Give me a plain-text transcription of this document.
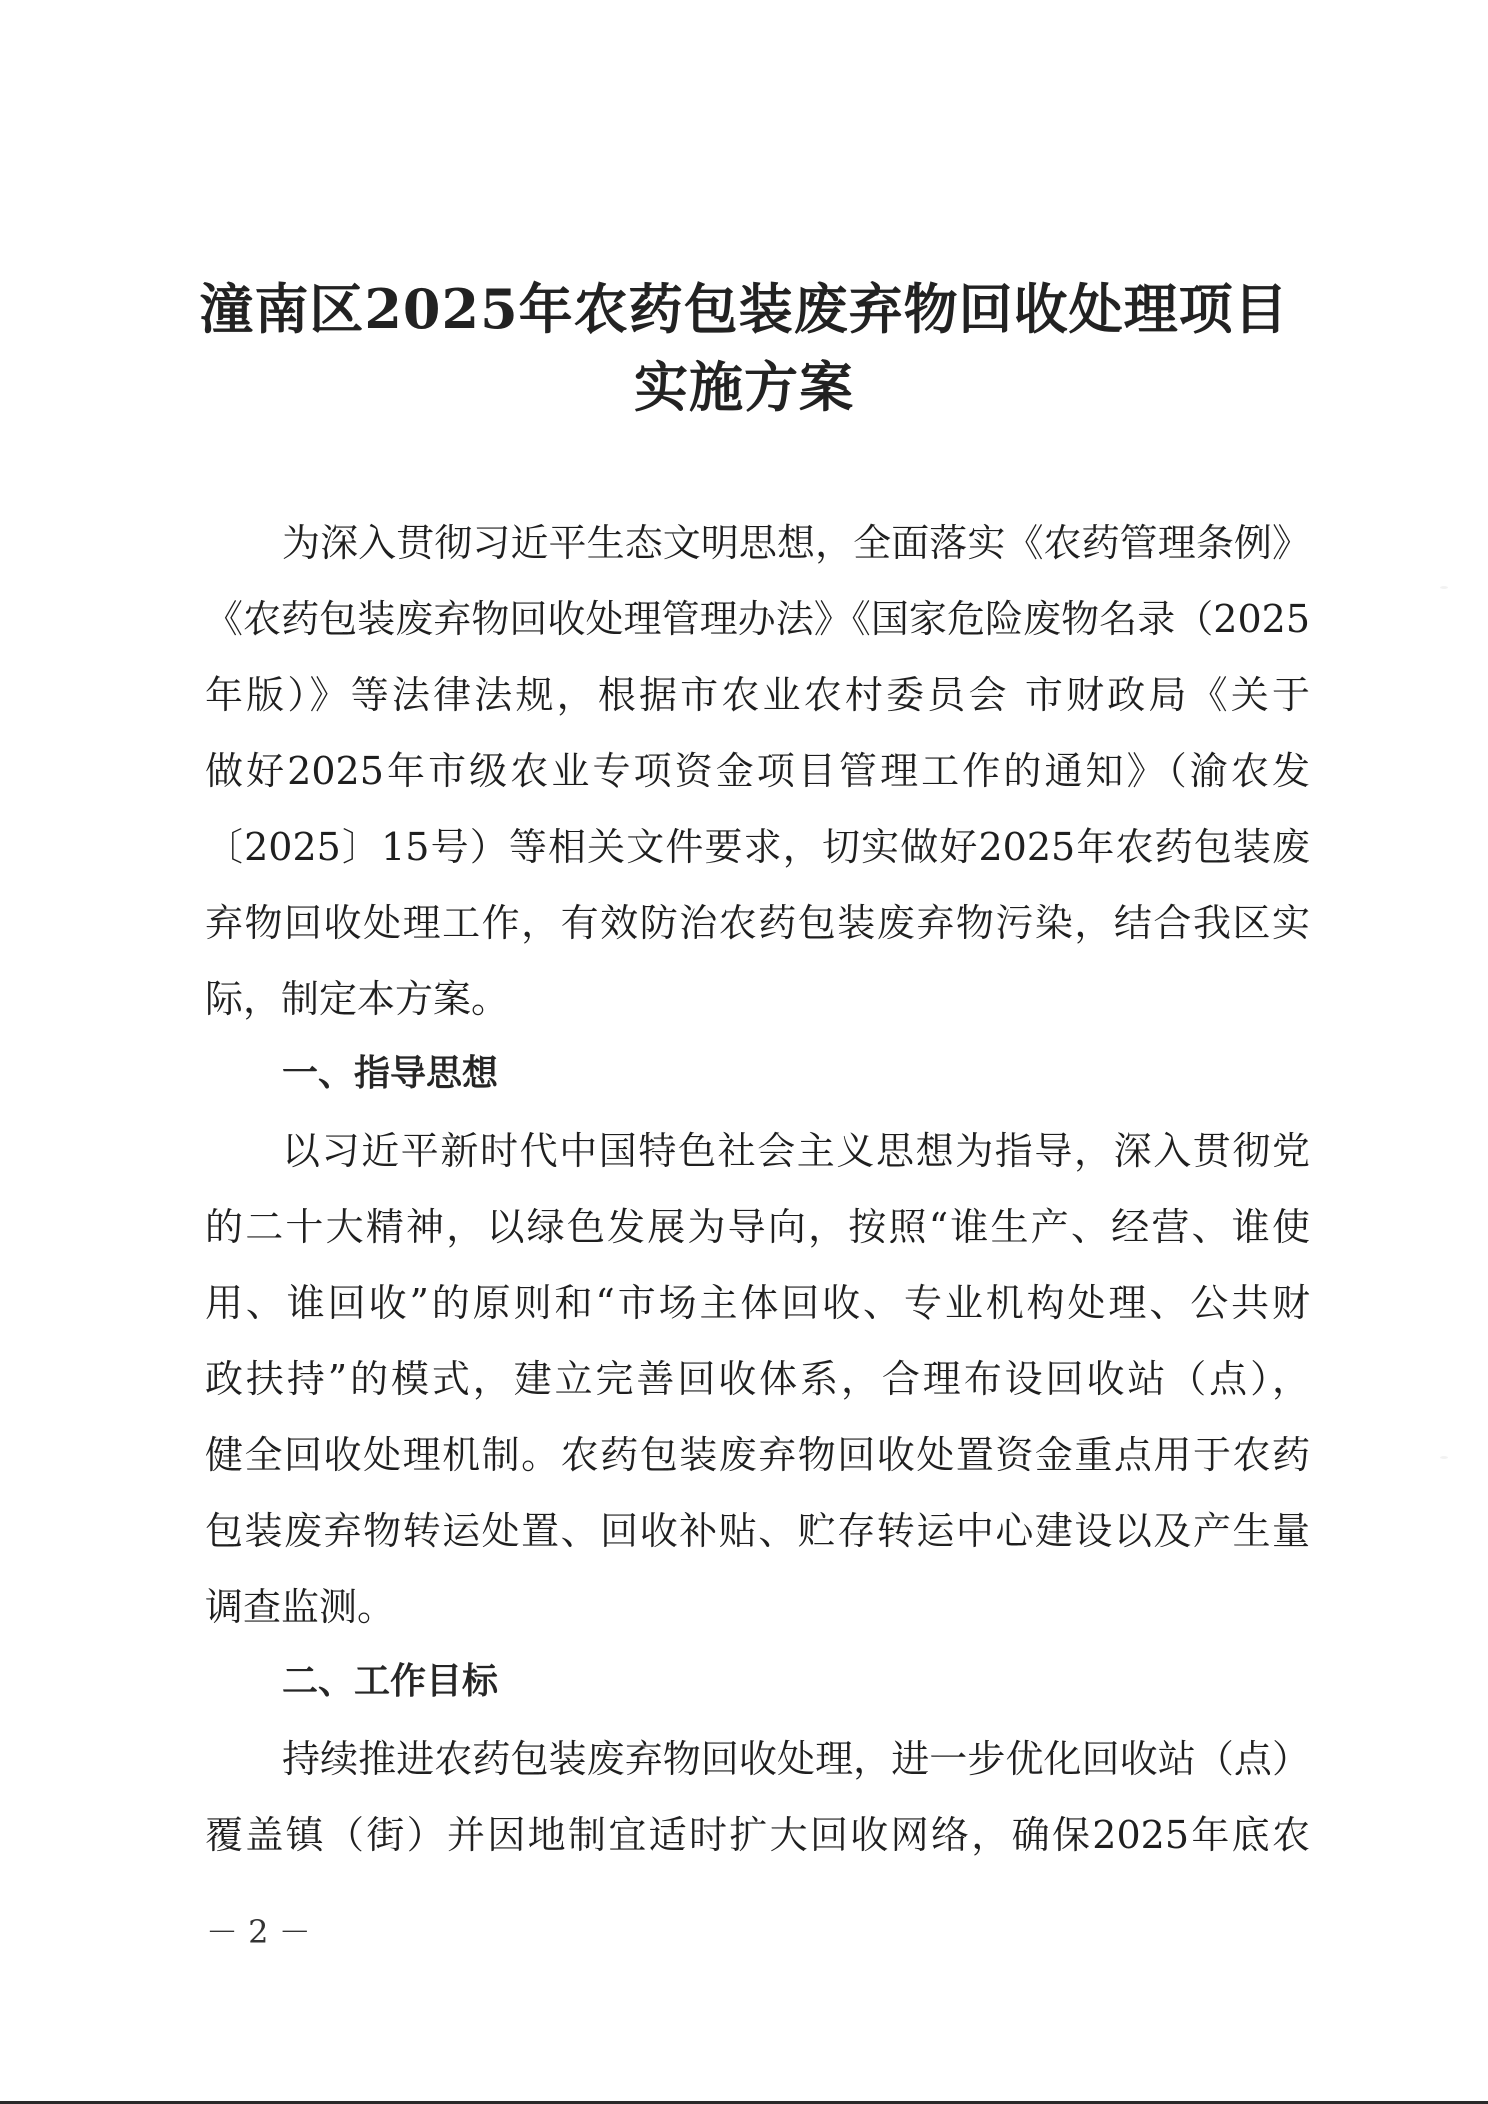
潼南区2025年农药包装废弃物回收处理项目
实施方案
为深入贯彻习近平生态文明思想，全面落实《农药管理条例》
《农药包装废弃物回收处理管理办法》《国家危险废物名录（2025
年版）》等法律法规，根据市农业农村委员会 市财政局《关于
做好2025年市级农业专项资金项目管理工作的通知》（渝农发
〔2025〕15号）等相关文件要求，切实做好2025年农药包装废
弃物回收处理工作，有效防治农药包装废弃物污染，结合我区实
际，制定本方案。
一、指导思想
以习近平新时代中国特色社会主义思想为指导，深入贯彻党
的二十大精神，以绿色发展为导向，按照“谁生产、经营、谁使
用、谁回收”的原则和“市场主体回收、专业机构处理、公共财
政扶持”的模式，建立完善回收体系，合理布设回收站（点），
健全回收处理机制。农药包装废弃物回收处置资金重点用于农药
包装废弃物转运处置、回收补贴、贮存转运中心建设以及产生量
调查监测。
二、工作目标
持续推进农药包装废弃物回收处理，进一步优化回收站（点）
覆盖镇（街）并因地制宜适时扩大回收网络，确保2025年底农
－ 2 －
